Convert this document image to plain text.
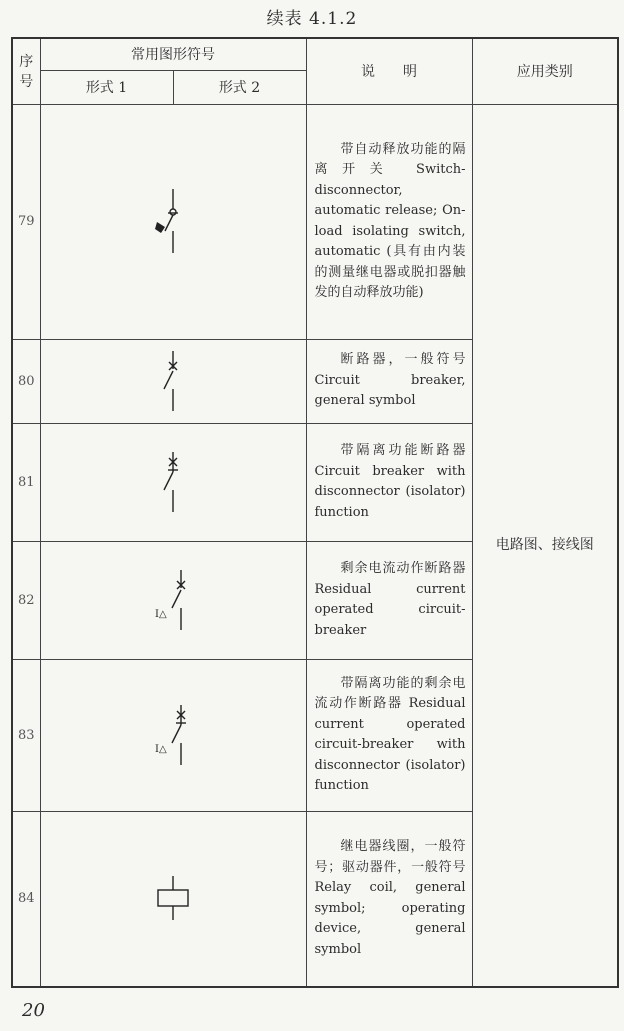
续表 4.1.2
序
号	常用图形符号		说　　明	应用类别
	形式 1	形式 2		
79			带自动释放功能的隔离开关 Switch-disconnector, automatic release; On-load isolating switch, automatic (具有由内装的测量继电器或脱扣器触发的自动释放功能)	电路图、接线图
80			断路器，一般符号 Circuit breaker, general symbol	
81			带隔离功能断路器 Circuit breaker with disconnector (isolator) function	
82	I△		剩余电流动作断路器 Residual current operated circuit-breaker	
83	I△		带隔离功能的剩余电流动作断路器 Residual current operated circuit-breaker with disconnector (isolator) function	
84			继电器线圈，一般符号；驱动器件，一般符号 Relay coil, general symbol; operating device, general symbol	
20
